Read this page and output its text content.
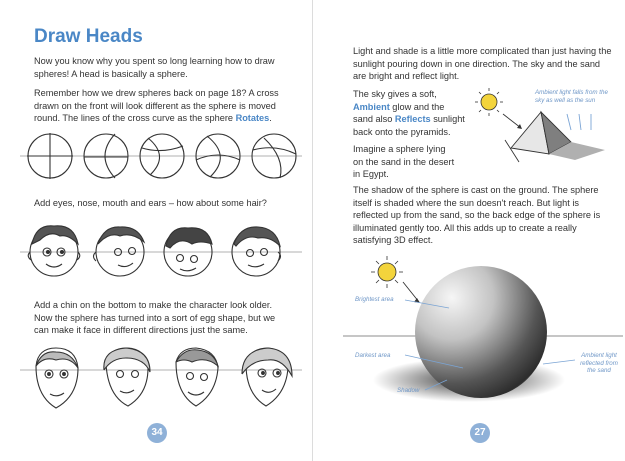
Draw Heads
Now you know why you spent so long learning how to draw spheres! A head is basically a sphere.
Remember how we drew spheres back on page 18? A cross drawn on the front will look different as the sphere is moved round. The lines of the cross curve as the sphere Rotates.
Add eyes, nose, mouth and ears – how about some hair?
Add a chin on the bottom to make the character look older. Now the sphere has turned into a sort of egg shape, but we can make it face in different directions just the same.
34
Light and shade is a little more complicated than just having the sunlight pouring down in one direction. The sky and the sand are bright and reflect light.
The sky gives a soft,
Ambient glow and the sand also Reflects sunlight back onto the pyramids.
Ambient light falls from the sky as well as the sun
Imagine a sphere lying on the sand in the desert in Egypt.
The shadow of the sphere is cast on the ground. The sphere itself is shaded where the sun doesn't reach. But light is reflected up from the sand, so the back edge of the sphere is illuminated gently too. All this adds up to create a really satisfying 3D effect.
Brightest area
Darkest area
Shadow
Ambient light reflected from the sand
27
